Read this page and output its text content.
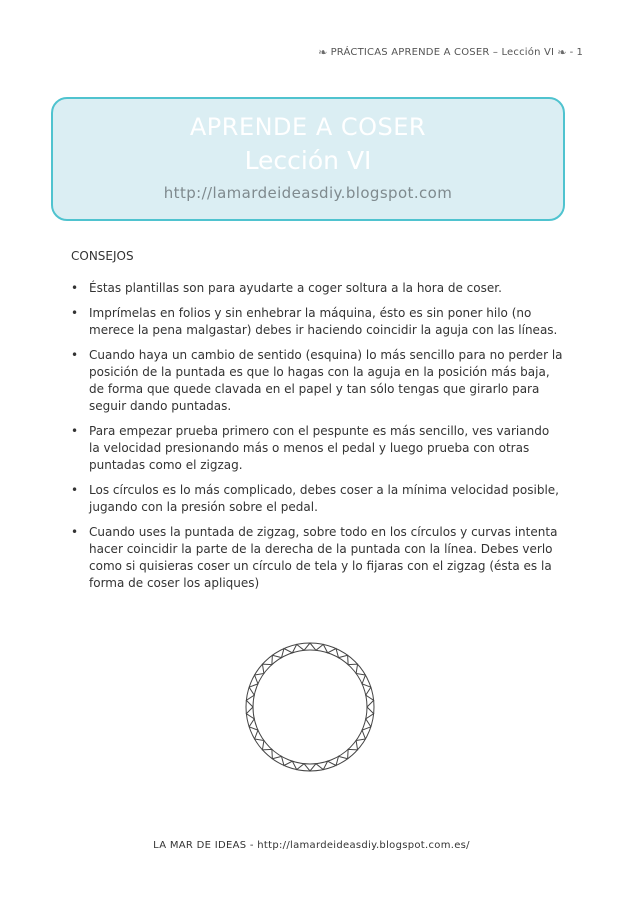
❧ PRÁCTICAS APRENDE A COSER – Lección VI ❧ - 1
APRENDE A COSER
Lección VI
http://lamardeideasdiy.blogspot.com
CONSEJOS
• Éstas plantillas son para ayudarte a coger soltura a la hora de coser.
• Imprímelas en folios y sin enhebrar la máquina, ésto es sin poner hilo (no merece la pena malgastar) debes ir haciendo coincidir la aguja con las líneas.
• Cuando haya un cambio de sentido (esquina) lo más sencillo para no perder la posición de la puntada es que lo hagas con la aguja en la posición más baja, de forma que quede clavada en el papel y tan sólo tengas que girarlo para seguir dando puntadas.
• Para empezar prueba primero con el pespunte es más sencillo, ves variando la velocidad presionando más o menos el pedal y luego prueba con otras puntadas como el zigzag.
• Los círculos es lo más complicado, debes coser a la mínima velocidad posible, jugando con la presión sobre el pedal.
• Cuando uses la puntada de zigzag, sobre todo en los círculos y curvas intenta hacer coincidir la parte de la derecha de la puntada con la línea. Debes verlo como si quisieras coser un círculo de tela y lo fijaras con el zigzag (ésta es la forma de coser los apliques)
LA MAR DE IDEAS - http://lamardeideasdiy.blogspot.com.es/
